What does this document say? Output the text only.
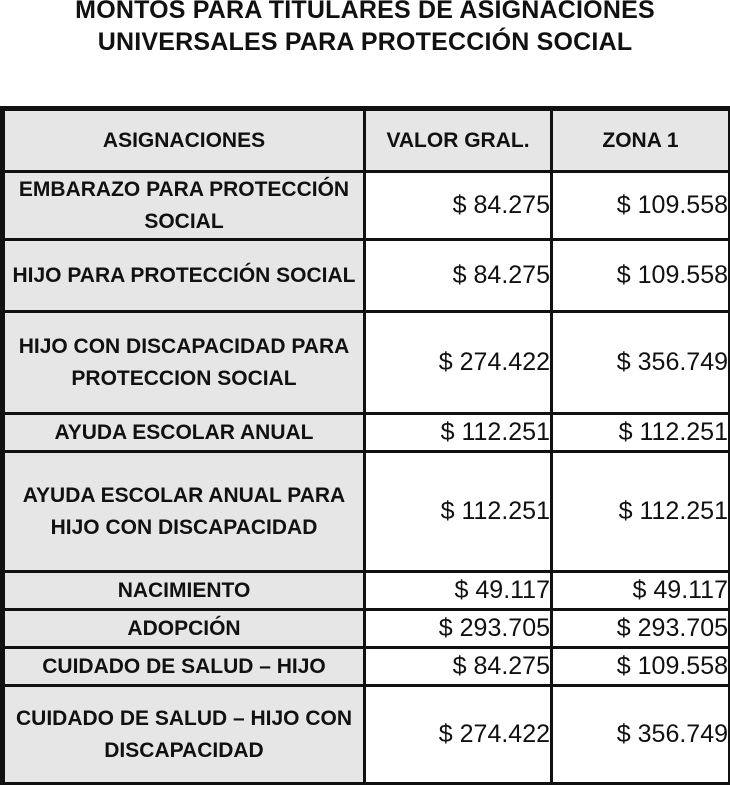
MONTOS PARA TITULARES DE ASIGNACIONES
UNIVERSALES PARA PROTECCIÓN SOCIAL
ASIGNACIONES	VALOR GRAL.	ZONA 1
EMBARAZO PARA PROTECCIÓN SOCIAL	$ 84.275	$ 109.558
HIJO PARA PROTECCIÓN SOCIAL	$ 84.275	$ 109.558
HIJO CON DISCAPACIDAD PARA PROTECCION SOCIAL	$ 274.422	$ 356.749
AYUDA ESCOLAR ANUAL	$ 112.251	$ 112.251
AYUDA ESCOLAR ANUAL PARA HIJO CON DISCAPACIDAD	$ 112.251	$ 112.251
NACIMIENTO	$ 49.117	$ 49.117
ADOPCIÓN	$ 293.705	$ 293.705
CUIDADO DE SALUD – HIJO	$ 84.275	$ 109.558
CUIDADO DE SALUD – HIJO CON DISCAPACIDAD	$ 274.422	$ 356.749
